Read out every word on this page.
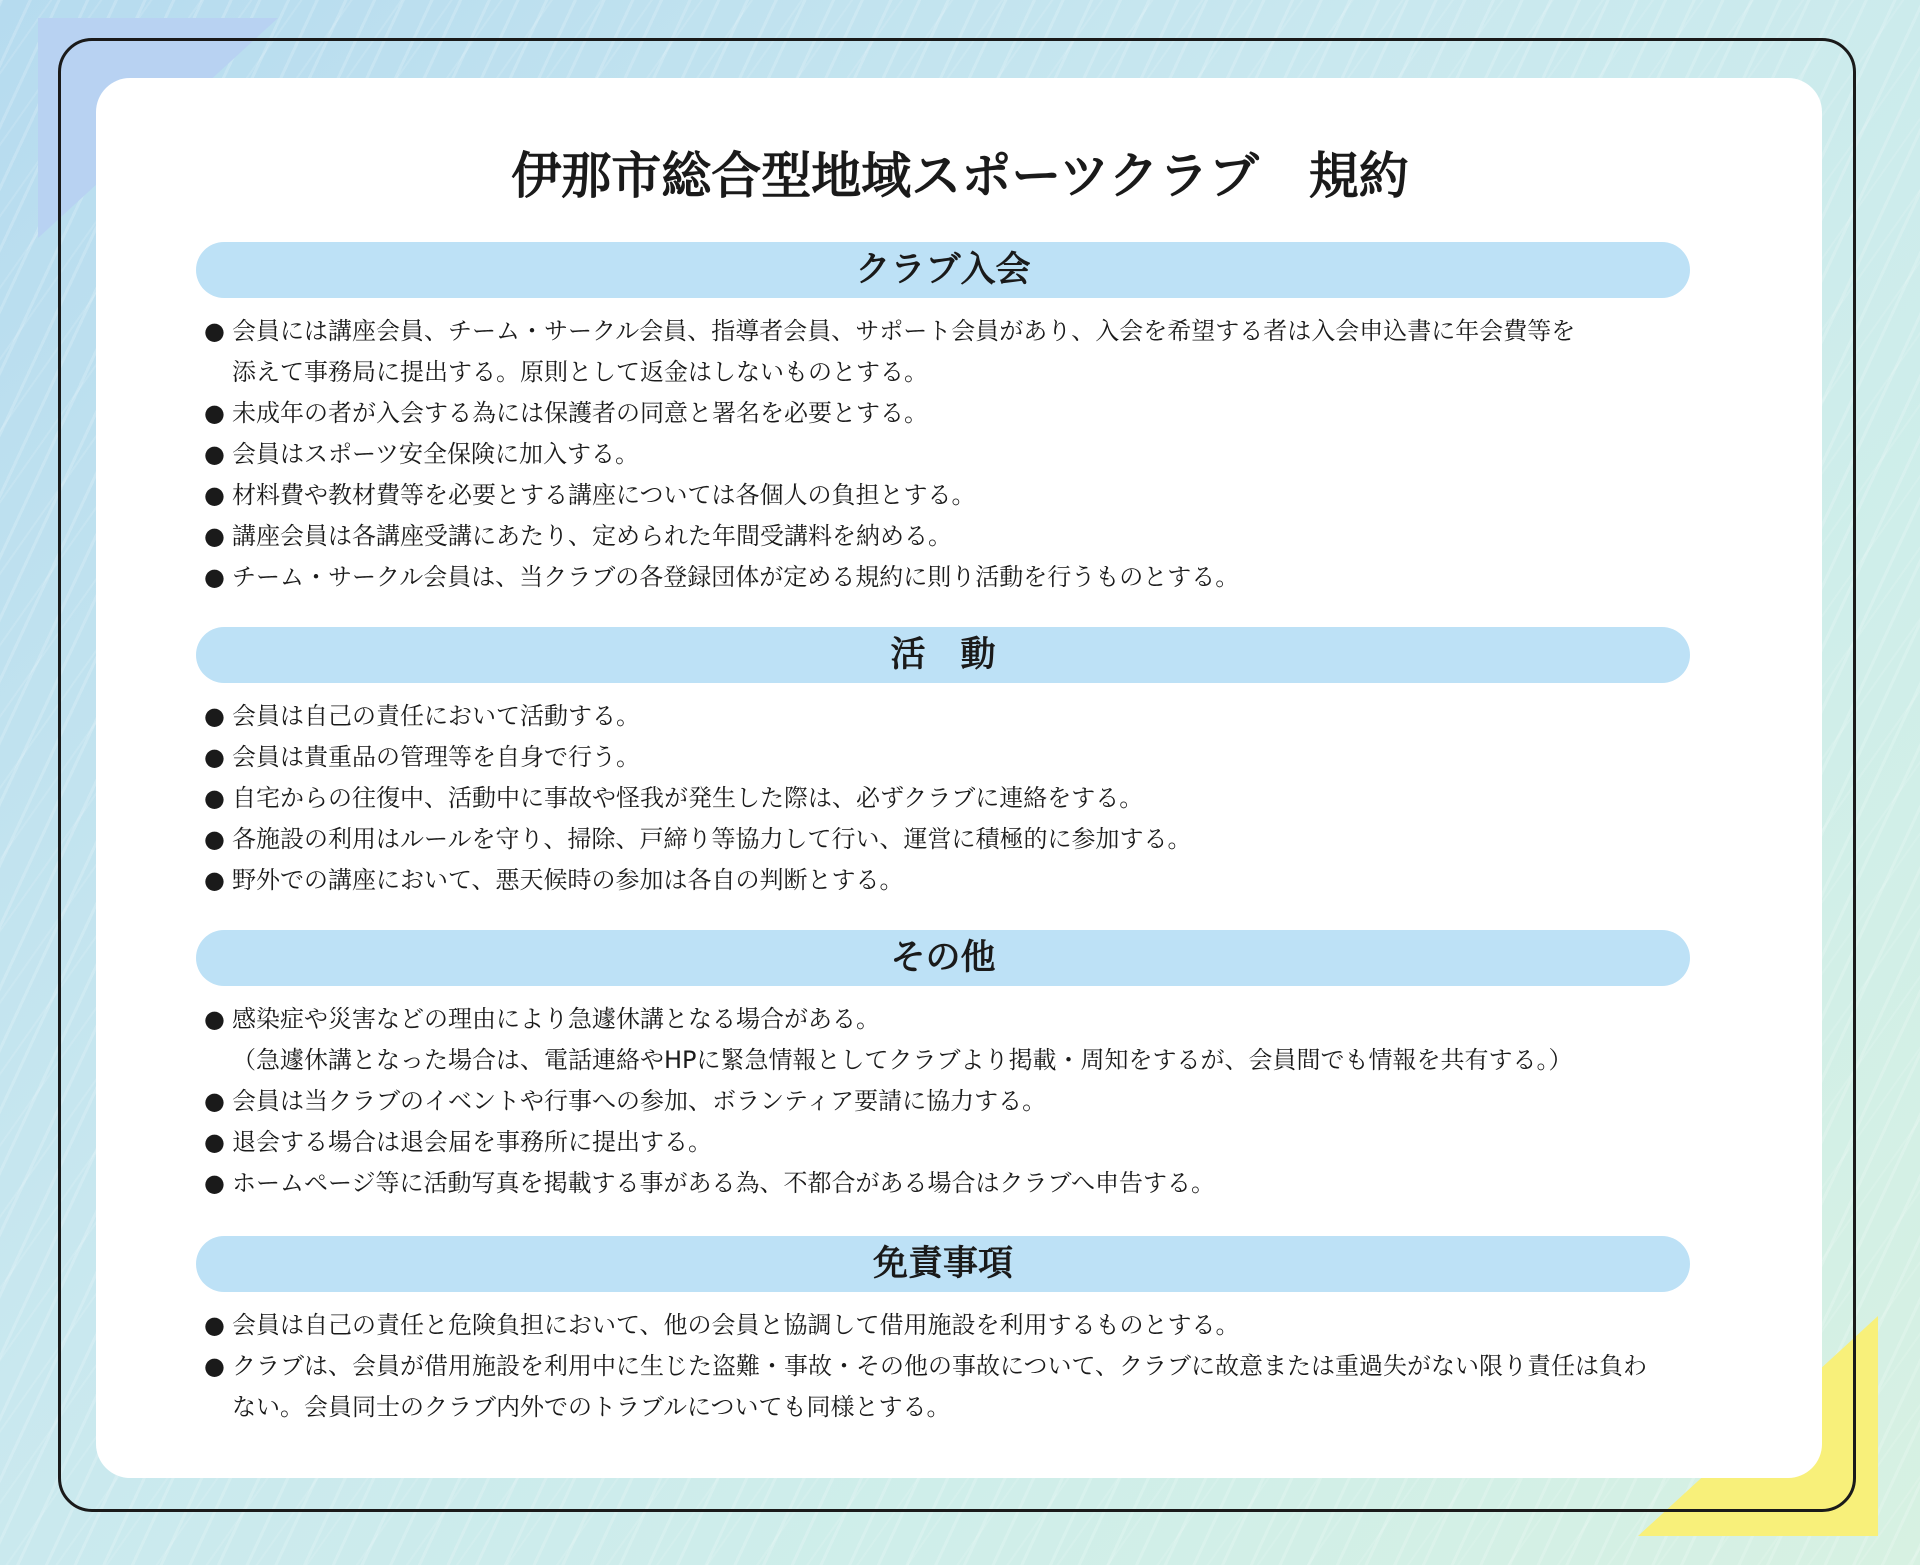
伊那市総合型地域スポーツクラブ　規約
クラブ入会
● 会員には講座会員、チーム・サークル会員、指導者会員、サポート会員があり、入会を希望する者は入会申込書に年会費等を
添えて事務局に提出する。原則として返金はしないものとする。
● 未成年の者が入会する為には保護者の同意と署名を必要とする。
● 会員はスポーツ安全保険に加入する。
● 材料費や教材費等を必要とする講座については各個人の負担とする。
● 講座会員は各講座受講にあたり、定められた年間受講料を納める。
● チーム・サークル会員は、当クラブの各登録団体が定める規約に則り活動を行うものとする。
活　動
● 会員は自己の責任において活動する。
● 会員は貴重品の管理等を自身で行う。
● 自宅からの往復中、活動中に事故や怪我が発生した際は、必ずクラブに連絡をする。
● 各施設の利用はルールを守り、掃除、戸締り等協力して行い、運営に積極的に参加する。
● 野外での講座において、悪天候時の参加は各自の判断とする。
その他
● 感染症や災害などの理由により急遽休講となる場合がある。
（急遽休講となった場合は、電話連絡やHPに緊急情報としてクラブより掲載・周知をするが、会員間でも情報を共有する。）
● 会員は当クラブのイベントや行事への参加、ボランティア要請に協力する。
● 退会する場合は退会届を事務所に提出する。
● ホームページ等に活動写真を掲載する事がある為、不都合がある場合はクラブへ申告する。
免責事項
● 会員は自己の責任と危険負担において、他の会員と協調して借用施設を利用するものとする。
● クラブは、会員が借用施設を利用中に生じた盗難・事故・その他の事故について、クラブに故意または重過失がない限り責任は負わ
ない。会員同士のクラブ内外でのトラブルについても同様とする。
